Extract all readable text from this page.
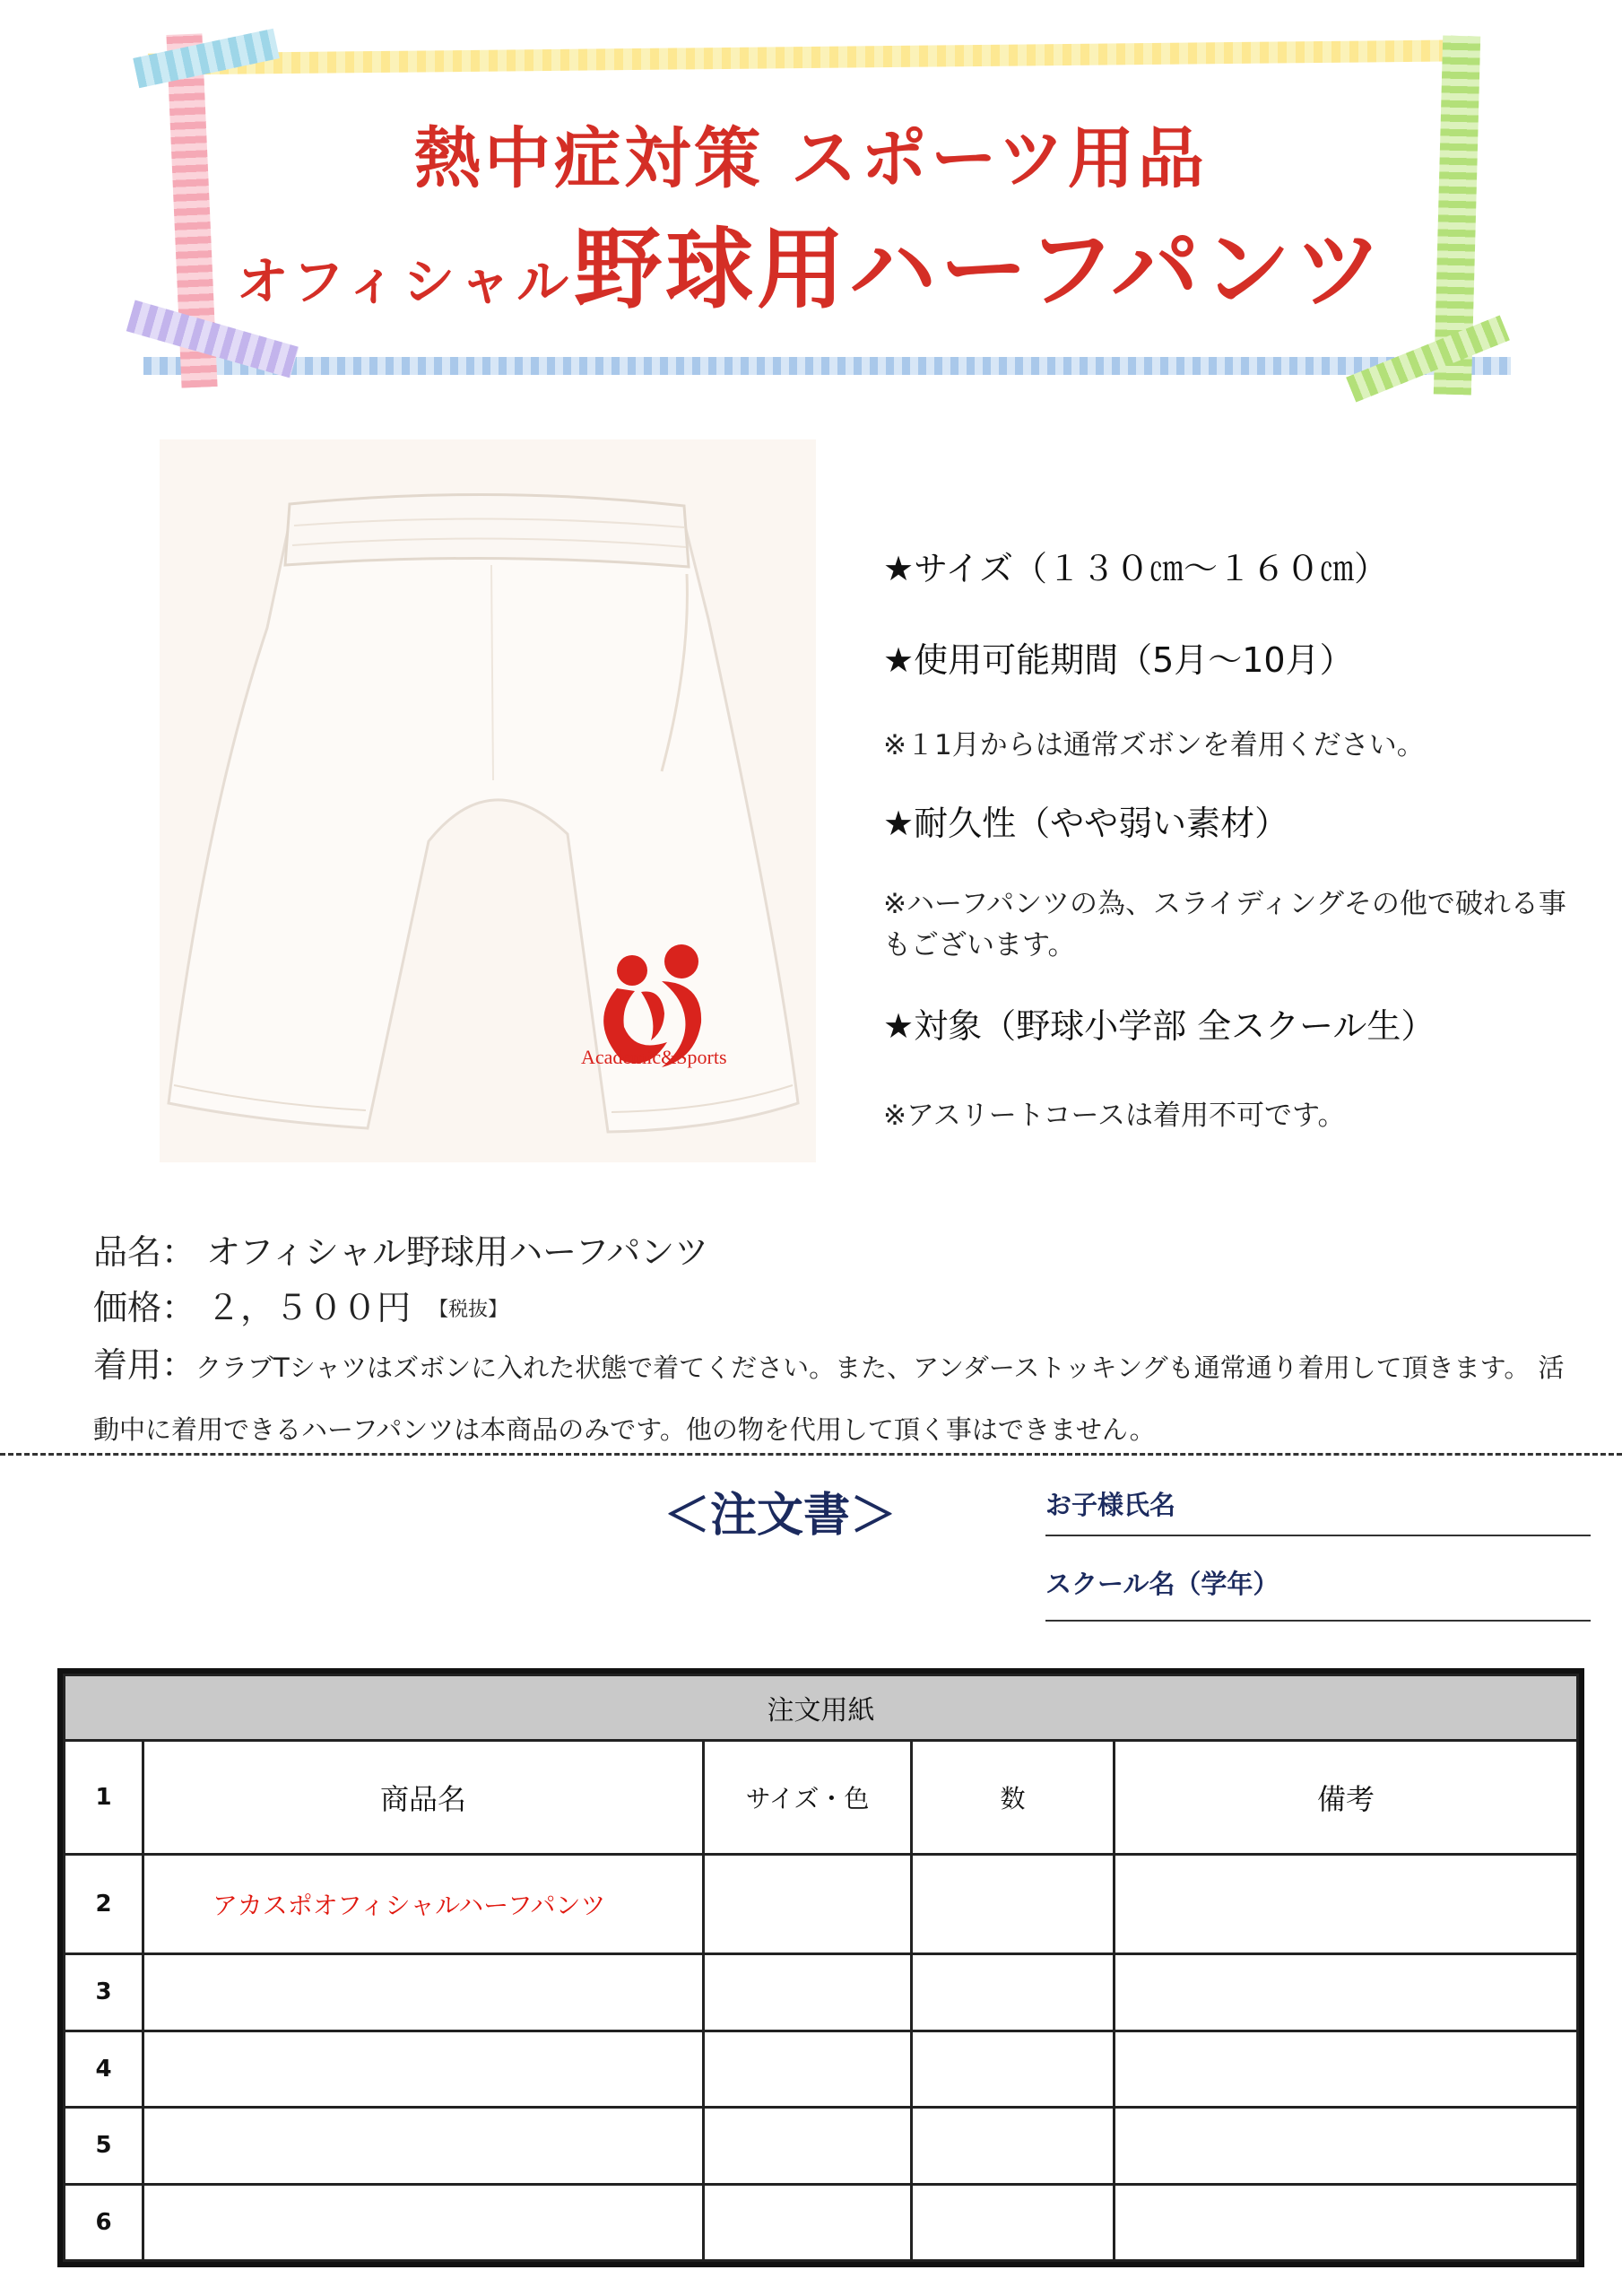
熱中症対策 スポーツ用品
オフィシャル野球用ハーフパンツ
Academic&Sports
★サイズ（１３０㎝〜１６０㎝）
★使用可能期間（5月〜10月）
※１1月からは通常ズボンを着用ください。
★耐久性（やや弱い素材）
※ハーフパンツの為、スライディングその他で破れる事もございます。
★対象（野球小学部 全スクール生）
※アスリートコースは着用不可です。
品名： オフィシャル野球用ハーフパンツ
価格： ２，５００円 【税抜】
着用：クラブTシャツはズボンに入れた状態で着てください。また、アンダーストッキングも通常通り着用して頂きます。 活動中に着用できるハーフパンツは本商品のみです。他の物を代用して頂く事はできません。
＜注文書＞	お子様氏名
スクール名（学年）
注文用紙				
1	商品名	サイズ・色	数	備考
2	アカスポオフィシャルハーフパンツ			
3				
4				
5				
6				
